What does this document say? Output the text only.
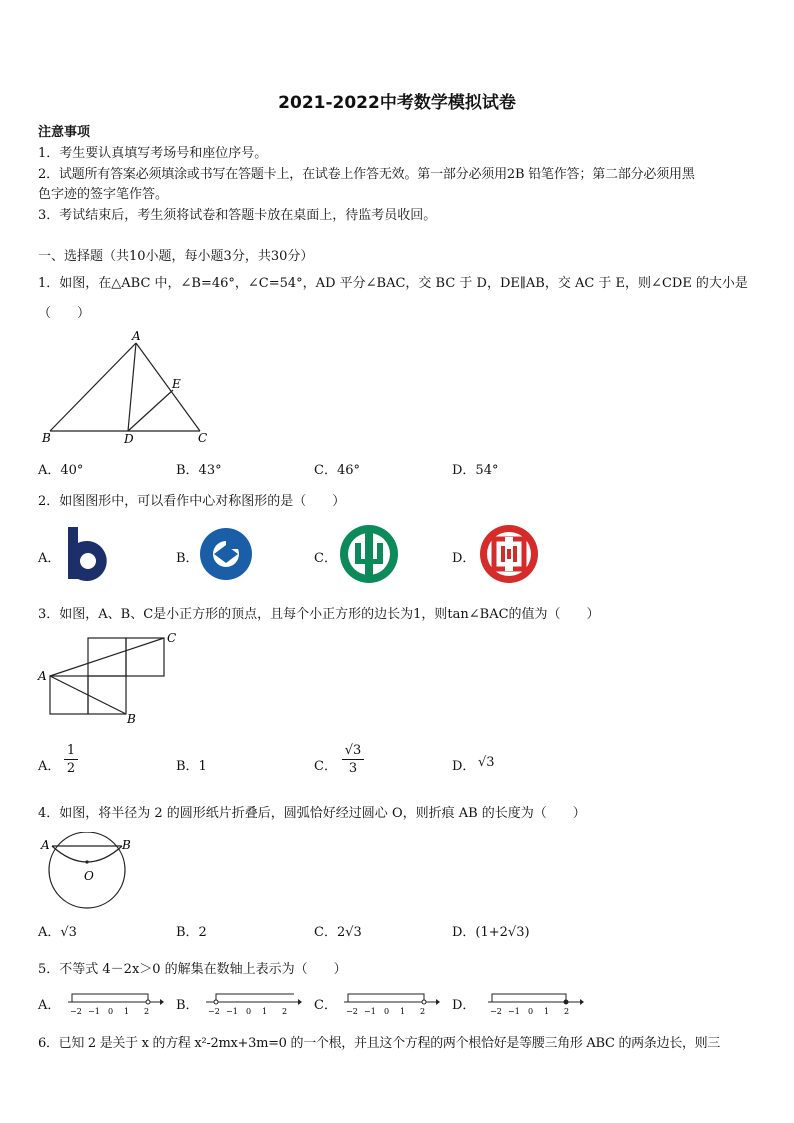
2021-2022中考数学模拟试卷
注意事项
1．考生要认真填写考场号和座位序号。
2．试题所有答案必须填涂或书写在答题卡上，在试卷上作答无效。第一部分必须用2B 铅笔作答；第二部分必须用黑
色字迹的签字笔作答。
3．考试结束后，考生须将试卷和答题卡放在桌面上，待监考员收回。
一、选择题（共10小题，每小题3分，共30分）
1．如图，在△ABC 中，∠B=46°，∠C=54°，AD 平分∠BAC，交 BC 于 D，DE∥AB，交 AC 于 E，则∠CDE 的大小是
（　　）
A
B	C
D
E
A．40°	B．43°	C．46°	D．54°
2．如图图形中，可以看作中心对称图形的是（　　）
A．	B．	C．	D．
3．如图，A、B、C是小正方形的顶点，且每个小正方形的边长为1，则tan∠BAC的值为（　　）
A
B
C
A． $\frac{1}{2}$	B．1	C． $\frac{√3}{3}$	D． √3
4．如图，将半径为 2 的圆形纸片折叠后，圆弧恰好经过圆心 O，则折痕 AB 的长度为（　　）
A	B
O
A．√3	B．2	C．2√3	D．(1+2√3)
5．不等式 4－2x＞0 的解集在数轴上表示为（　　）
A． −2 −1 0 1 2 B． −2 −1 0 1 2 C． −2 −1 0 1 2 D． −2 −1 0 1 2
6．已知 2 是关于 x 的方程 x²-2mx+3m=0 的一个根，并且这个方程的两个根恰好是等腰三角形 ABC 的两条边长，则三
